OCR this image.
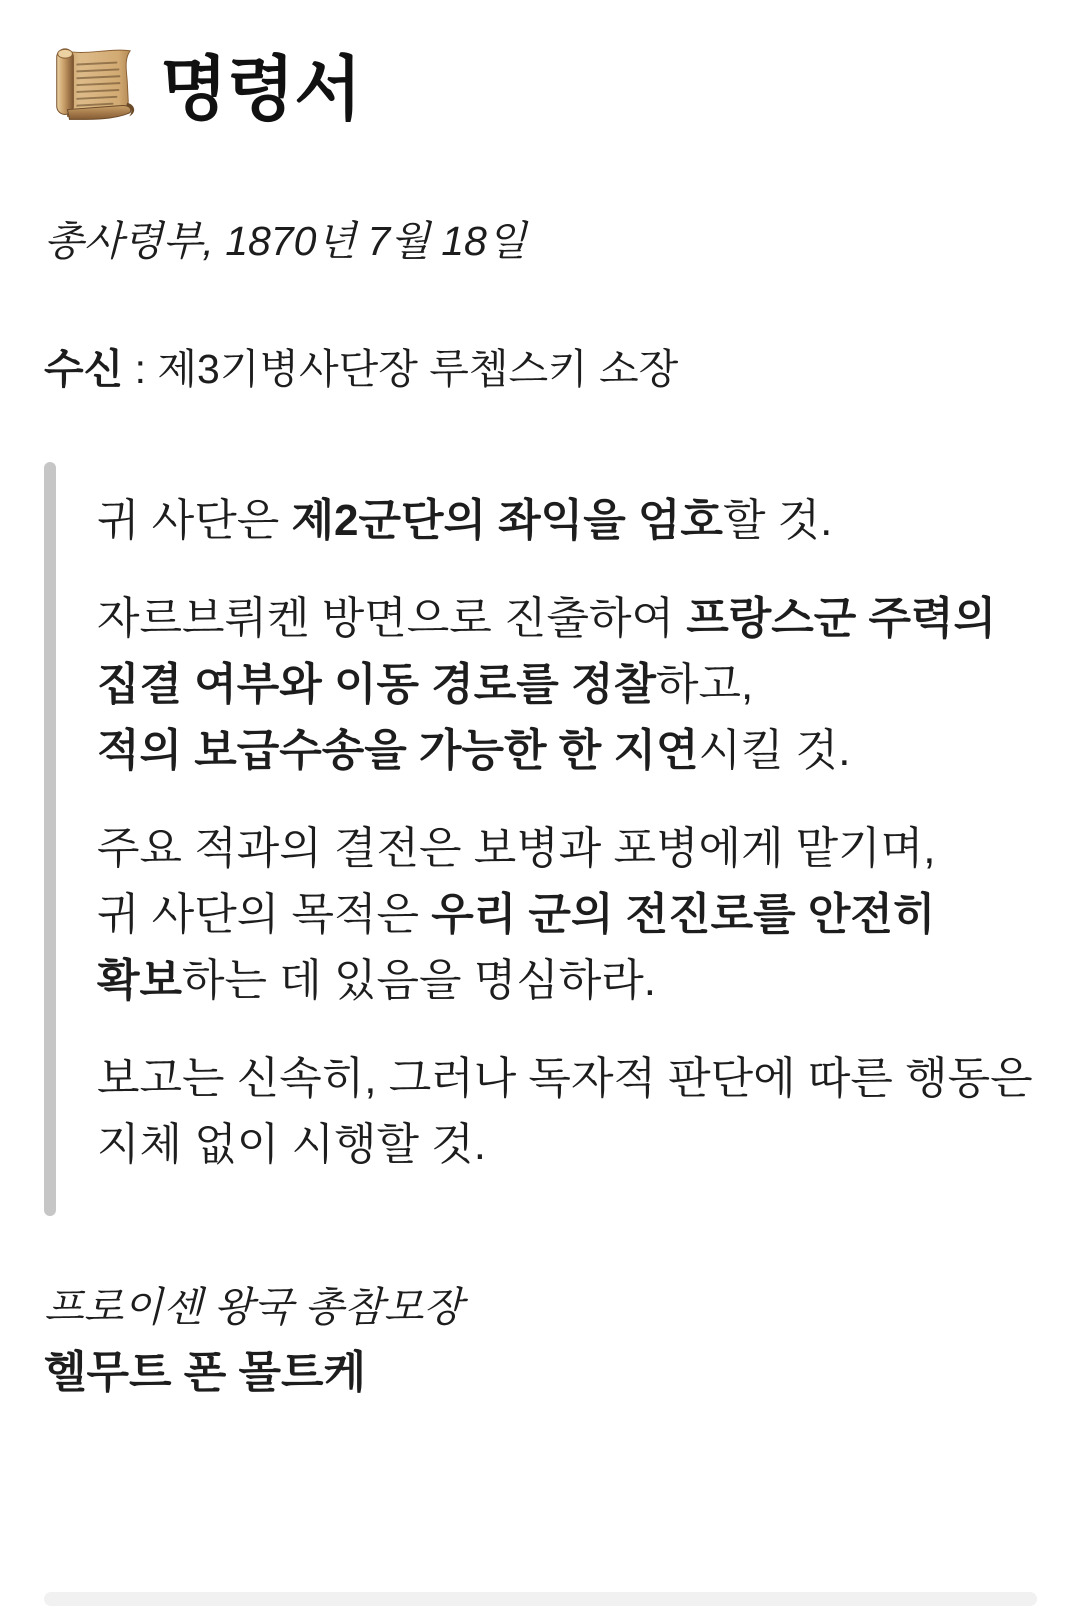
명령서

총사령부, 1870년 7월 18일

수신 : 제3기병사단장 루쳅스키 소장

귀 사단은 제2군단의 좌익을 엄호할 것.

자르브뤼켄 방면으로 진출하여 프랑스군 주력의
집결 여부와 이동 경로를 정찰하고,
적의 보급수송을 가능한 한 지연시킬 것.

주요 적과의 결전은 보병과 포병에게 맡기며,
귀 사단의 목적은 우리 군의 전진로를 안전히
확보하는 데 있음을 명심하라.

보고는 신속히, 그러나 독자적 판단에 따른 행동은
지체 없이 시행할 것.

프로이센 왕국 총참모장

헬무트 폰 몰트케
